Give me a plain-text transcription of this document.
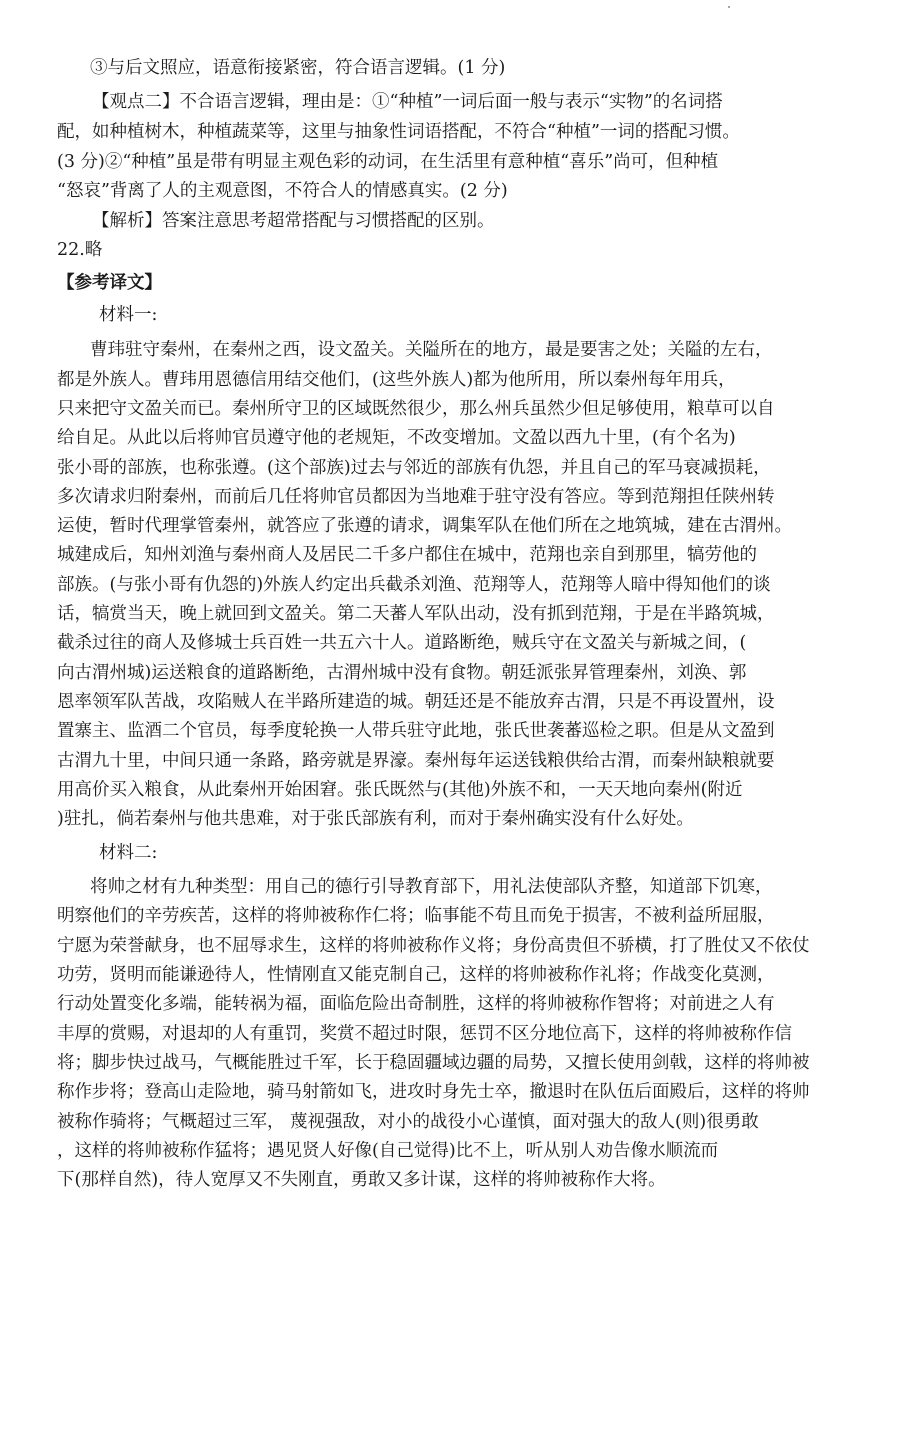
③与后文照应，语意衔接紧密，符合语言逻辑。(1 分)
【观点二】不合语言逻辑，理由是：①“种植”一词后面一般与表示“实物”的名词搭
配，如种植树木，种植蔬菜等，这里与抽象性词语搭配，不符合“种植”一词的搭配习惯。
(3 分)②“种植”虽是带有明显主观色彩的动词，在生活里有意种植“喜乐”尚可，但种植
“怒哀”背离了人的主观意图，不符合人的情感真实。(2 分)
【解析】答案注意思考超常搭配与习惯搭配的区别。
22.略
【参考译文】
材料一:
曹玮驻守秦州，在秦州之西，设文盈关。关隘所在的地方，最是要害之处；关隘的左右，
都是外族人。曹玮用恩德信用结交他们，(这些外族人)都为他所用，所以秦州每年用兵，
只来把守文盈关而已。秦州所守卫的区域既然很少，那么州兵虽然少但足够使用，粮草可以自
给自足。从此以后将帅官员遵守他的老规矩，不改变增加。文盈以西九十里，(有个名为)
张小哥的部族，也称张遵。(这个部族)过去与邻近的部族有仇怨，并且自己的军马衰减损耗，
多次请求归附秦州，而前后几任将帅官员都因为当地难于驻守没有答应。等到范翔担任陕州转
运使，暂时代理掌管秦州，就答应了张遵的请求，调集军队在他们所在之地筑城，建在古渭州。
城建成后，知州刘渔与秦州商人及居民二千多户都住在城中，范翔也亲自到那里，犒劳他的
部族。(与张小哥有仇怨的)外族人约定出兵截杀刘渔、范翔等人，范翔等人暗中得知他们的谈
话，犒赏当天，晚上就回到文盈关。第二天蕃人军队出动，没有抓到范翔，于是在半路筑城，
截杀过往的商人及修城士兵百姓一共五六十人。道路断绝，贼兵守在文盈关与新城之间，(
向古渭州城)运送粮食的道路断绝，古渭州城中没有食物。朝廷派张昇管理秦州，刘涣、郭
恩率领军队苦战，攻陷贼人在半路所建造的城。朝廷还是不能放弃古渭，只是不再设置州，设
置寨主、监酒二个官员，每季度轮换一人带兵驻守此地，张氏世袭蕃巡检之职。但是从文盈到
古渭九十里，中间只通一条路，路旁就是界濠。秦州每年运送钱粮供给古渭，而秦州缺粮就要
用高价买入粮食，从此秦州开始困窘。张氏既然与(其他)外族不和，一天天地向秦州(附近
)驻扎，倘若秦州与他共患难，对于张氏部族有利，而对于秦州确实没有什么好处。
材料二:
将帅之材有九种类型：用自己的德行引导教育部下，用礼法使部队齐整，知道部下饥寒，
明察他们的辛劳疾苦，这样的将帅被称作仁将；临事能不苟且而免于损害，不被利益所屈服，
宁愿为荣誉献身，也不屈辱求生，这样的将帅被称作义将；身份高贵但不骄横，打了胜仗又不依仗
功劳，贤明而能谦逊待人，性情刚直又能克制自己，这样的将帅被称作礼将；作战变化莫测，
行动处置变化多端，能转祸为福，面临危险出奇制胜，这样的将帅被称作智将；对前进之人有
丰厚的赏赐，对退却的人有重罚，奖赏不超过时限，惩罚不区分地位高下，这样的将帅被称作信
将；脚步快过战马，气概能胜过千军，长于稳固疆域边疆的局势，又擅长使用剑戟，这样的将帅被
称作步将；登高山走险地，骑马射箭如飞，进攻时身先士卒，撤退时在队伍后面殿后，这样的将帅
被称作骑将；气概超过三军， 蔑视强敌，对小的战役小心谨慎，面对强大的敌人(则)很勇敢
，这样的将帅被称作猛将；遇见贤人好像(自己觉得)比不上，听从别人劝告像水顺流而
下(那样自然)，待人宽厚又不失刚直，勇敢又多计谋，这样的将帅被称作大将。
